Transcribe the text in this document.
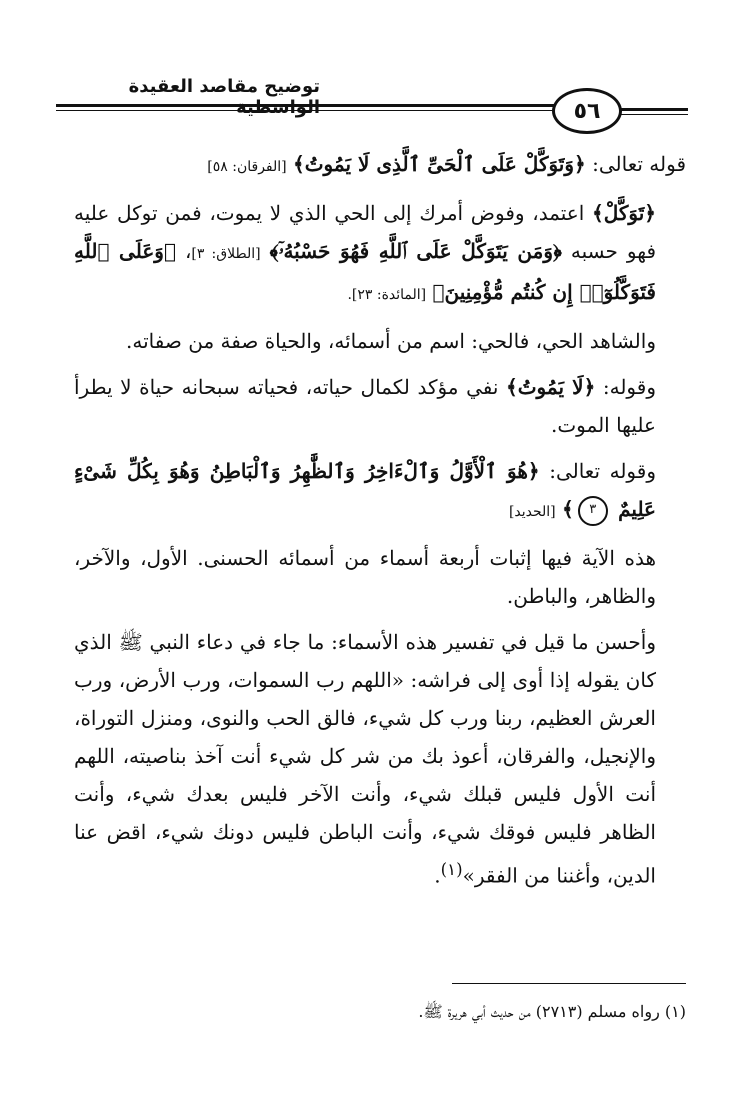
توضيح مقاصد العقيدة الواسطية	٥٦

قوله تعالى: ﴿وَتَوَكَّلْ عَلَى ٱلْحَىِّ ٱلَّذِى لَا يَمُوتُ﴾ [الفرقان: ٥٨]

﴿تَوَكَّلْ﴾ اعتمد، وفوض أمرك إلى الحي الذي لا يموت، فمن توكل عليه فهو حسبه ﴿وَمَن يَتَوَكَّلْ عَلَى ٱللَّهِ فَهُوَ حَسْبُهُۥٓ﴾ [الطلاق: ٣]، ﴿وَعَلَى ٱللَّهِ فَتَوَكَّلُوٓا۟ إِن كُنتُم مُّؤْمِنِينَ﴾ [المائدة: ٢٣].

والشاهد الحي، فالحي: اسم من أسمائه، والحياة صفة من صفاته.

وقوله: ﴿لَا يَمُوتُ﴾ نفي مؤكد لكمال حياته، فحياته سبحانه حياة لا يطرأ عليها الموت.

وقوله تعالى: ﴿هُوَ ٱلْأَوَّلُ وَٱلْءَاخِرُ وَٱلظَّٰهِرُ وَٱلْبَاطِنُ وَهُوَ بِكُلِّ شَىْءٍ عَلِيمٌ ٣﴾ [الحديد]

هذه الآية فيها إثبات أربعة أسماء من أسمائه الحسنى. الأول، والآخر، والظاهر، والباطن.

وأحسن ما قيل في تفسير هذه الأسماء: ما جاء في دعاء النبي ﷺ الذي كان يقوله إذا أوى إلى فراشه: «اللهم رب السموات، ورب الأرض، ورب العرش العظيم، ربنا ورب كل شيء، فالق الحب والنوى، ومنزل التوراة، والإنجيل، والفرقان، أعوذ بك من شر كل شيء أنت آخذ بناصيته، اللهم أنت الأول فليس قبلك شيء، وأنت الآخر فليس بعدك شيء، وأنت الظاهر فليس فوقك شيء، وأنت الباطن فليس دونك شيء، اقض عنا الدين، وأغننا من الفقر»$^{(١)}$.

(١) رواه مسلم (٢٧١٣) من حديث أبي هريرة ﷺ.
